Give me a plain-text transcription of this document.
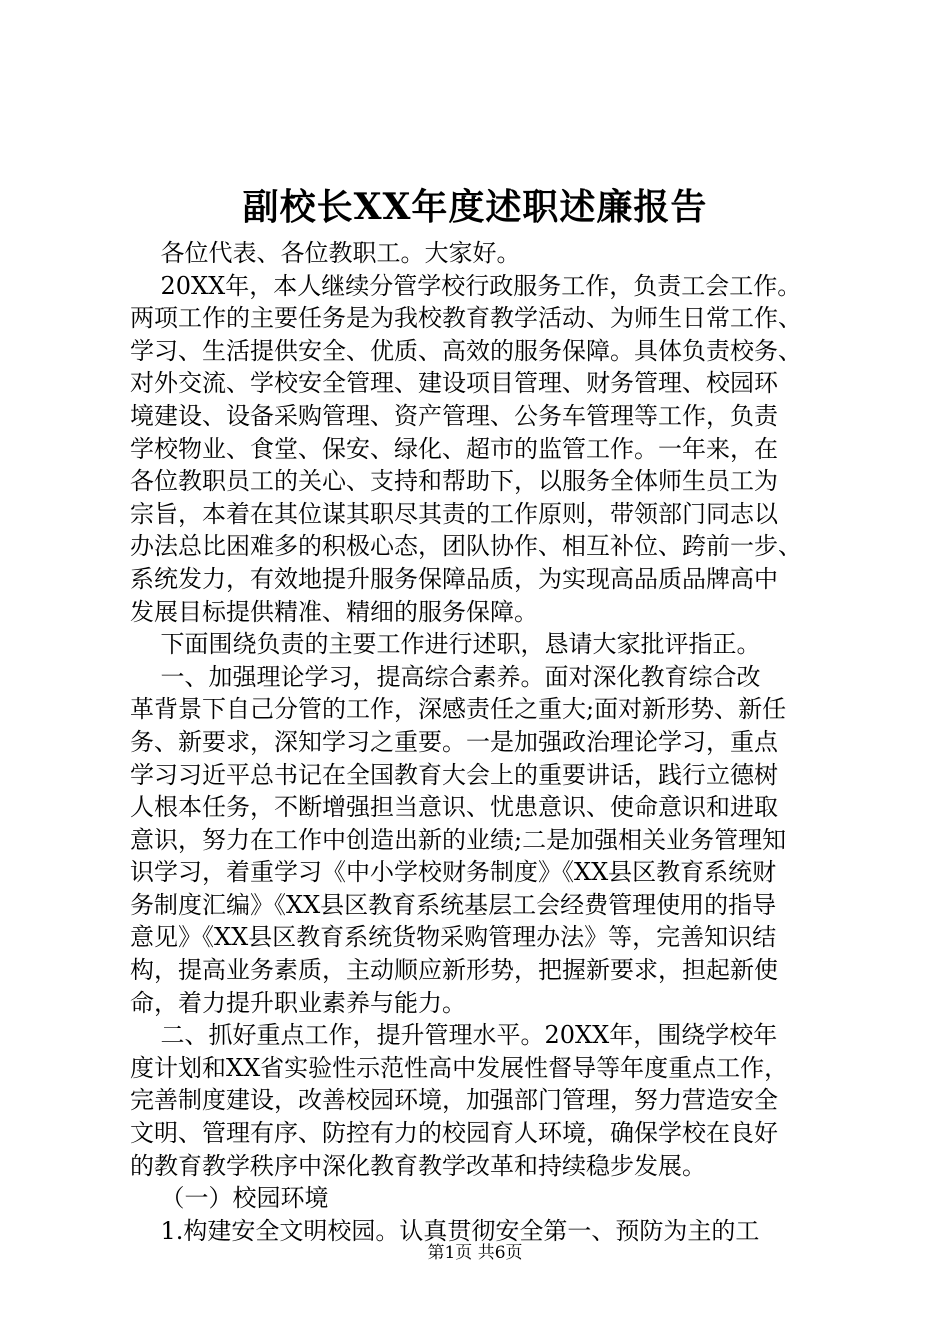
副校长XX年度述职述廉报告
各位代表、各位教职工。大家好。
20XX年，本人继续分管学校行政服务工作，负责工会工作。
两项工作的主要任务是为我校教育教学活动、为师生日常工作、
学习、生活提供安全、优质、高效的服务保障。具体负责校务、
对外交流、学校安全管理、建设项目管理、财务管理、校园环
境建设、设备采购管理、资产管理、公务车管理等工作，负责
学校物业、食堂、保安、绿化、超市的监管工作。一年来，在
各位教职员工的关心、支持和帮助下，以服务全体师生员工为
宗旨，本着在其位谋其职尽其责的工作原则，带领部门同志以
办法总比困难多的积极心态，团队协作、相互补位、跨前一步、
系统发力，有效地提升服务保障品质，为实现高品质品牌高中
发展目标提供精准、精细的服务保障。
下面围绕负责的主要工作进行述职，恳请大家批评指正。
一、加强理论学习，提高综合素养。面对深化教育综合改
革背景下自己分管的工作，深感责任之重大;面对新形势、新任
务、新要求，深知学习之重要。一是加强政治理论学习，重点
学习习近平总书记在全国教育大会上的重要讲话，践行立德树
人根本任务，不断增强担当意识、忧患意识、使命意识和进取
意识，努力在工作中创造出新的业绩;二是加强相关业务管理知
识学习，着重学习《中小学校财务制度》《XX县区教育系统财
务制度汇编》《XX县区教育系统基层工会经费管理使用的指导
意见》《XX县区教育系统货物采购管理办法》等，完善知识结
构，提高业务素质，主动顺应新形势，把握新要求，担起新使
命，着力提升职业素养与能力。
二、抓好重点工作，提升管理水平。20XX年，围绕学校年
度计划和XX省实验性示范性高中发展性督导等年度重点工作，
完善制度建设，改善校园环境，加强部门管理，努力营造安全
文明、管理有序、防控有力的校园育人环境，确保学校在良好
的教育教学秩序中深化教育教学改革和持续稳步发展。
（一）校园环境
1.构建安全文明校园。认真贯彻安全第一、预防为主的工
第1页 共6页
